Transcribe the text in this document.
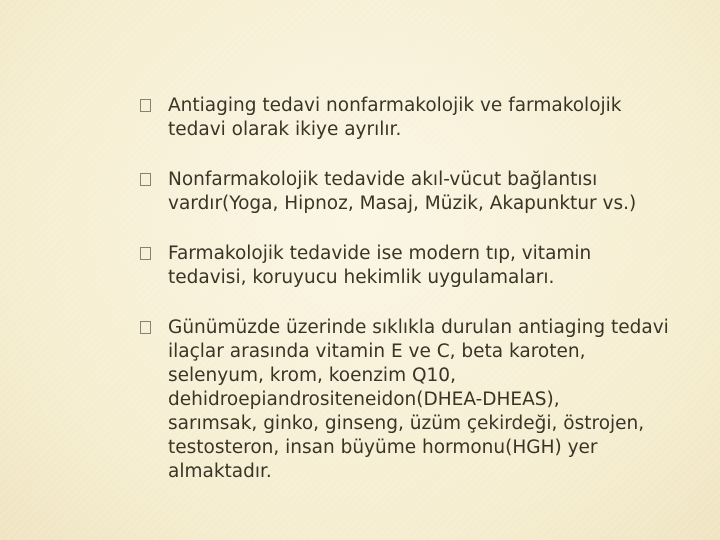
Antiaging tedavi nonfarmakolojik ve farmakolojik
tedavi olarak ikiye ayrılır.
Nonfarmakolojik tedavide akıl-vücut bağlantısı
vardır(Yoga, Hipnoz, Masaj, Müzik, Akapunktur vs.)
Farmakolojik tedavide ise modern tıp, vitamin
tedavisi, koruyucu hekimlik uygulamaları.
Günümüzde üzerinde sıklıkla durulan antiaging tedavi
ilaçlar arasında vitamin E ve C, beta karoten,
selenyum, krom, koenzim Q10,
dehidroepiandrositeneidon(DHEA-DHEAS),
sarımsak, ginko, ginseng, üzüm çekirdeği, östrojen,
testosteron, insan büyüme hormonu(HGH) yer
almaktadır.
